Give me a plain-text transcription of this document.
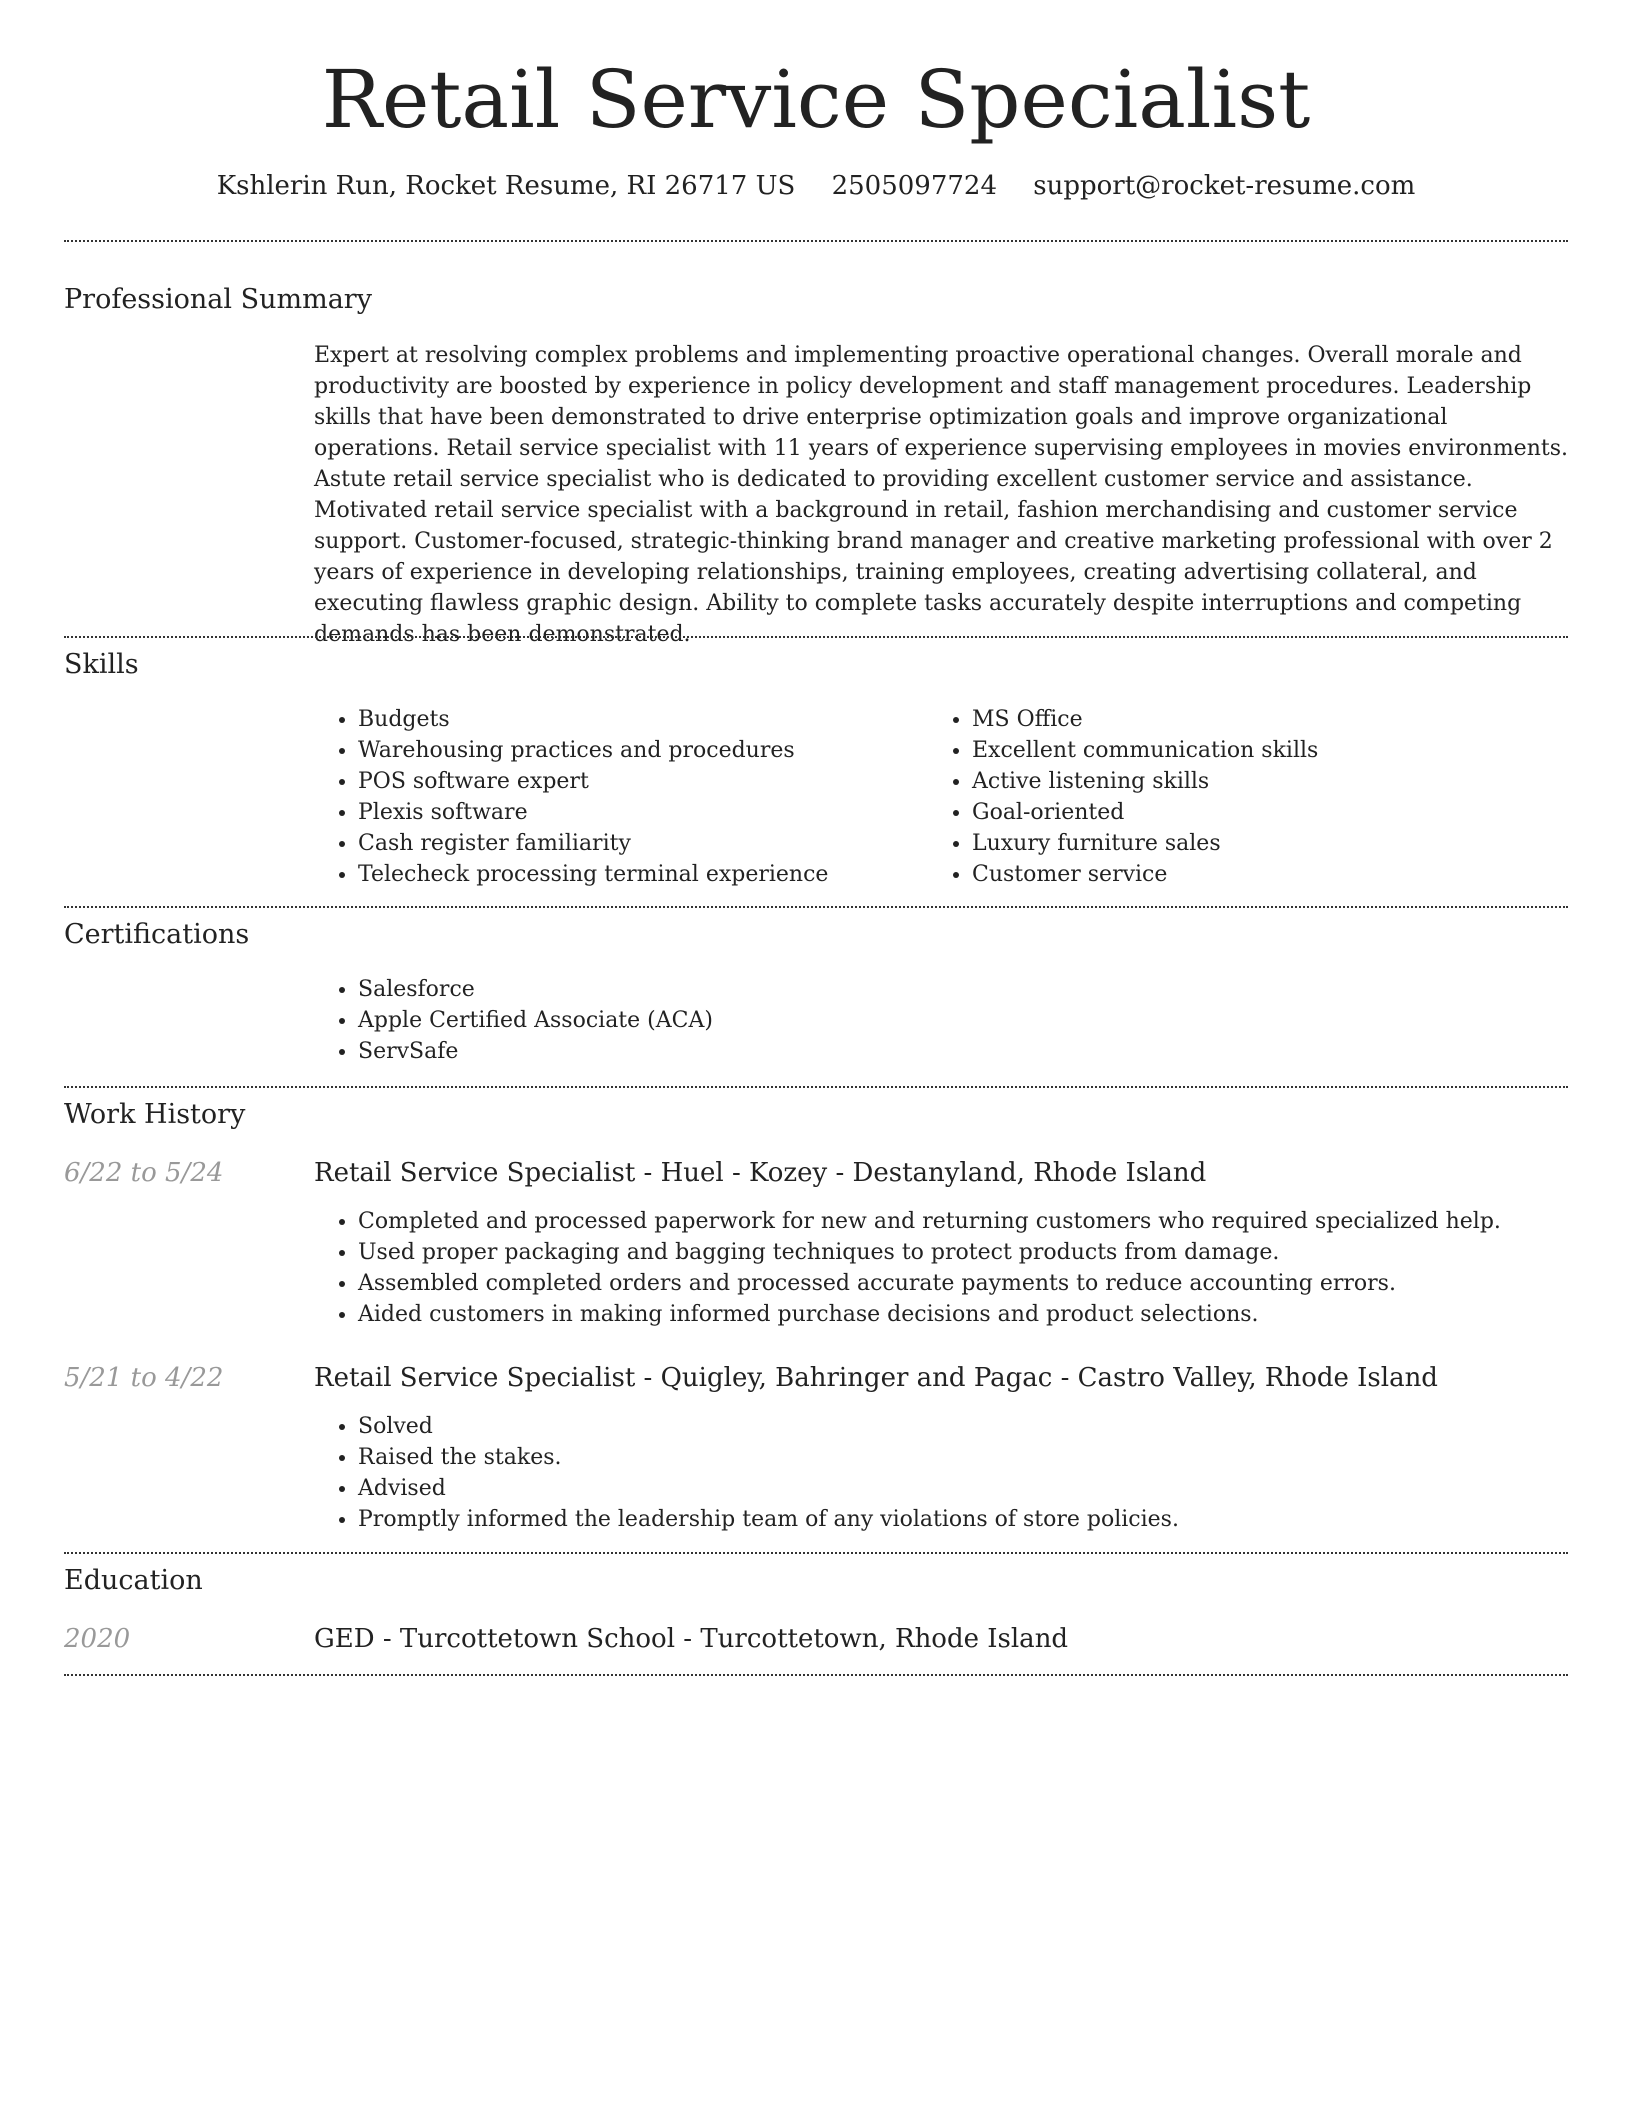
Retail Service Specialist
Kshlerin Run, Rocket Resume, RI 26717 US 2505097724 support@rocket-resume.com
Professional Summary

Expert at resolving complex problems and implementing proactive operational changes. Overall morale and productivity are boosted by experience in policy development and staff management procedures. Leadership skills that have been demonstrated to drive enterprise optimization goals and improve organizational operations. Retail service specialist with 11 years of experience supervising employees in movies environments. Astute retail service specialist who is dedicated to providing excellent customer service and assistance. Motivated retail service specialist with a background in retail, fashion merchandising and customer service support. Customer-focused, strategic-thinking brand manager and creative marketing professional with over 2 years of experience in developing relationships, training employees, creating advertising collateral, and executing flawless graphic design. Ability to complete tasks accurately despite interruptions and competing demands has been demonstrated.

Skills
• Budgets
• Warehousing practices and procedures
• POS software expert
• Plexis software
• Cash register familiarity
• Telecheck processing terminal experience
• MS Office
• Excellent communication skills
• Active listening skills
• Goal-oriented
• Luxury furniture sales
• Customer service
Certifications
• Salesforce
• Apple Certified Associate (ACA)
• ServSafe
Work History
6/22 to 5/24	Retail Service Specialist - Huel - Kozey - Destanyland, Rhode Island
• Completed and processed paperwork for new and returning customers who required specialized help.
• Used proper packaging and bagging techniques to protect products from damage.
• Assembled completed orders and processed accurate payments to reduce accounting errors.
• Aided customers in making informed purchase decisions and product selections.
5/21 to 4/22	Retail Service Specialist - Quigley, Bahringer and Pagac - Castro Valley, Rhode Island
• Solved
• Raised the stakes.
• Advised
• Promptly informed the leadership team of any violations of store policies.
Education
2020	GED - Turcottetown School - Turcottetown, Rhode Island
